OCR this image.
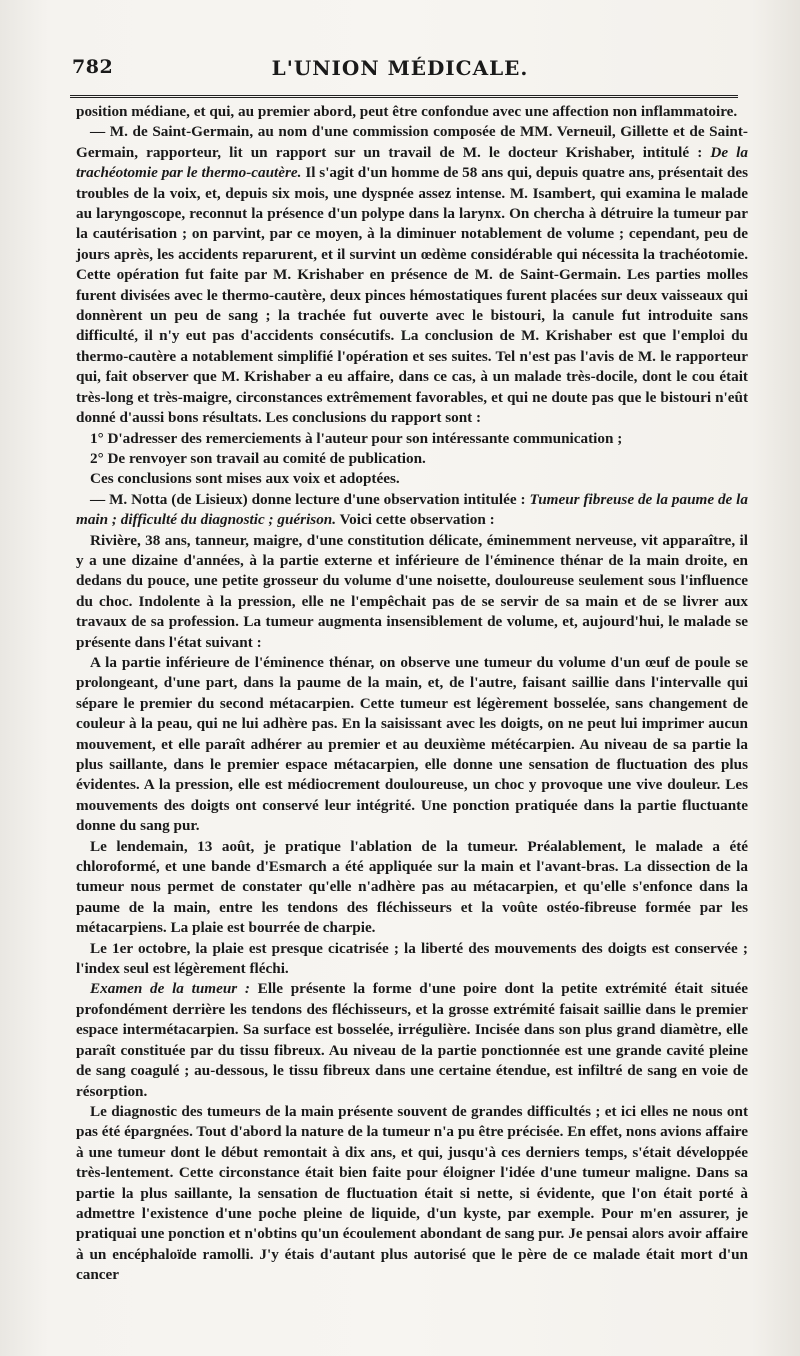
782	L'UNION MÉDICALE.

position médiane, et qui, au premier abord, peut être confondue avec une affection non inflammatoire.

— M. de Saint-Germain, au nom d'une commission composée de MM. Verneuil, Gillette et de Saint-Germain, rapporteur, lit un rapport sur un travail de M. le docteur Krishaber, intitulé : De la trachéotomie par le thermo-cautère. Il s'agit d'un homme de 58 ans qui, depuis quatre ans, présentait des troubles de la voix, et, depuis six mois, une dyspnée assez intense. M. Isambert, qui examina le malade au laryngoscope, reconnut la présence d'un polype dans la larynx. On chercha à détruire la tumeur par la cautérisation ; on parvint, par ce moyen, à la diminuer notablement de volume ; cependant, peu de jours après, les accidents reparurent, et il survint un œdème considérable qui nécessita la trachéotomie. Cette opération fut faite par M. Krishaber en présence de M. de Saint-Germain. Les parties molles furent divisées avec le thermo-cautère, deux pinces hémostatiques furent placées sur deux vaisseaux qui donnèrent un peu de sang ; la trachée fut ouverte avec le bistouri, la canule fut introduite sans difficulté, il n'y eut pas d'accidents consécutifs. La conclusion de M. Krishaber est que l'emploi du thermo-cautère a notablement simplifié l'opération et ses suites. Tel n'est pas l'avis de M. le rapporteur qui, fait observer que M. Krishaber a eu affaire, dans ce cas, à un malade très-docile, dont le cou était très-long et très-maigre, circonstances extrêmement favorables, et qui ne doute pas que le bistouri n'eût donné d'aussi bons résultats. Les conclusions du rapport sont :

1° D'adresser des remerciements à l'auteur pour son intéressante communication ;

2° De renvoyer son travail au comité de publication.

Ces conclusions sont mises aux voix et adoptées.

— M. Notta (de Lisieux) donne lecture d'une observation intitulée : Tumeur fibreuse de la paume de la main ; difficulté du diagnostic ; guérison. Voici cette observation :

Rivière, 38 ans, tanneur, maigre, d'une constitution délicate, éminemment nerveuse, vit apparaître, il y a une dizaine d'années, à la partie externe et inférieure de l'éminence thénar de la main droite, en dedans du pouce, une petite grosseur du volume d'une noisette, douloureuse seulement sous l'influence du choc. Indolente à la pression, elle ne l'empêchait pas de se servir de sa main et de se livrer aux travaux de sa profession. La tumeur augmenta insensiblement de volume, et, aujourd'hui, le malade se présente dans l'état suivant :

A la partie inférieure de l'éminence thénar, on observe une tumeur du volume d'un œuf de poule se prolongeant, d'une part, dans la paume de la main, et, de l'autre, faisant saillie dans l'intervalle qui sépare le premier du second métacarpien. Cette tumeur est légèrement bosselée, sans changement de couleur à la peau, qui ne lui adhère pas. En la saisissant avec les doigts, on ne peut lui imprimer aucun mouvement, et elle paraît adhérer au premier et au deuxième métécarpien. Au niveau de sa partie la plus saillante, dans le premier espace métacarpien, elle donne une sensation de fluctuation des plus évidentes. A la pression, elle est médiocrement douloureuse, un choc y provoque une vive douleur. Les mouvements des doigts ont conservé leur intégrité. Une ponction pratiquée dans la partie fluctuante donne du sang pur.

Le lendemain, 13 août, je pratique l'ablation de la tumeur. Préalablement, le malade a été chloroformé, et une bande d'Esmarch a été appliquée sur la main et l'avant-bras. La dissection de la tumeur nous permet de constater qu'elle n'adhère pas au métacarpien, et qu'elle s'enfonce dans la paume de la main, entre les tendons des fléchisseurs et la voûte ostéo-fibreuse formée par les métacarpiens. La plaie est bourrée de charpie.

Le 1er octobre, la plaie est presque cicatrisée ; la liberté des mouvements des doigts est conservée ; l'index seul est légèrement fléchi.

Examen de la tumeur : Elle présente la forme d'une poire dont la petite extrémité était située profondément derrière les tendons des fléchisseurs, et la grosse extrémité faisait saillie dans le premier espace intermétacarpien. Sa surface est bosselée, irrégulière. Incisée dans son plus grand diamètre, elle paraît constituée par du tissu fibreux. Au niveau de la partie ponctionnée est une grande cavité pleine de sang coagulé ; au-dessous, le tissu fibreux dans une certaine étendue, est infiltré de sang en voie de résorption.

Le diagnostic des tumeurs de la main présente souvent de grandes difficultés ; et ici elles ne nous ont pas été épargnées. Tout d'abord la nature de la tumeur n'a pu être précisée. En effet, nons avions affaire à une tumeur dont le début remontait à dix ans, et qui, jusqu'à ces derniers temps, s'était développée très-lentement. Cette circonstance était bien faite pour éloigner l'idée d'une tumeur maligne. Dans sa partie la plus saillante, la sensation de fluctuation était si nette, si évidente, que l'on était porté à admettre l'existence d'une poche pleine de liquide, d'un kyste, par exemple. Pour m'en assurer, je pratiquai une ponction et n'obtins qu'un écoulement abondant de sang pur. Je pensai alors avoir affaire à un encéphaloïde ramolli. J'y étais d'autant plus autorisé que le père de ce malade était mort d'un cancer
